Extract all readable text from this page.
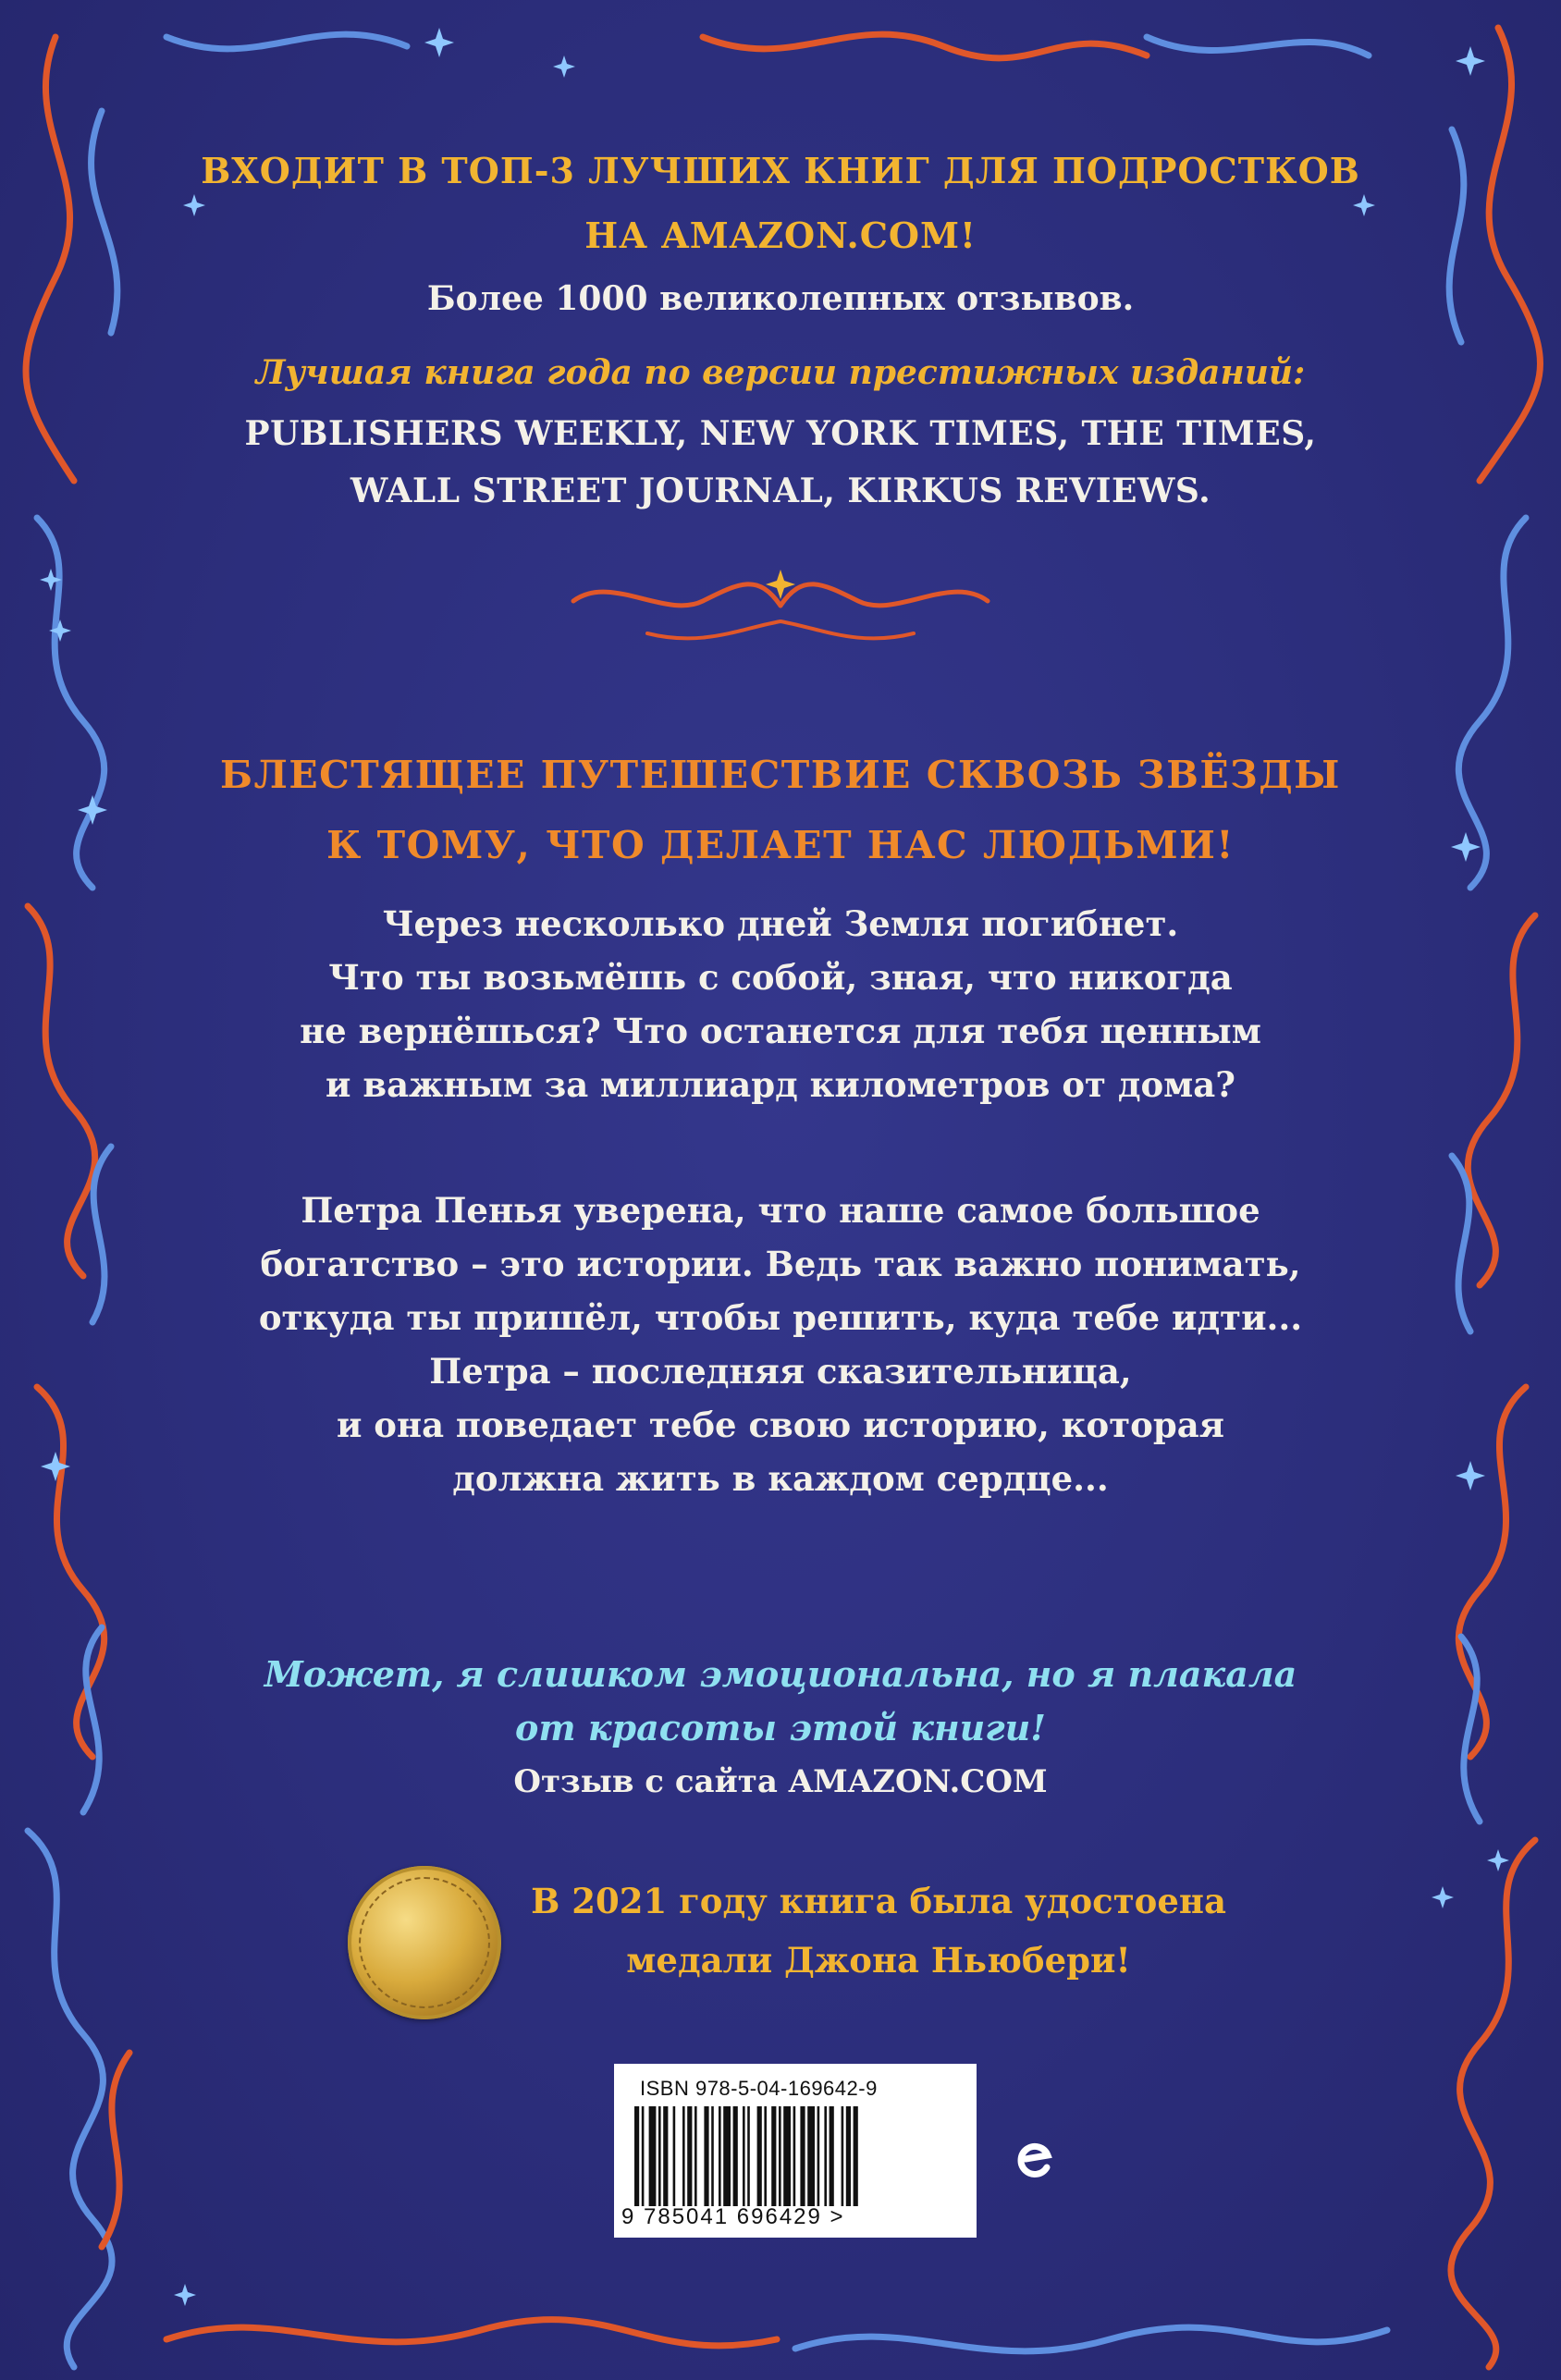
ВХОДИТ В ТОП-3 ЛУЧШИХ КНИГ ДЛЯ ПОДРОСТКОВ
НА AMAZON.COM!
Более 1000 великолепных отзывов.
Лучшая книга года по версии престижных изданий:
PUBLISHERS WEEKLY, NEW YORK TIMES, THE TIMES,
WALL STREET JOURNAL, KIRKUS REVIEWS.
БЛЕСТЯЩЕЕ ПУТЕШЕСТВИЕ СКВОЗЬ ЗВЁЗДЫ
К ТОМУ, ЧТО ДЕЛАЕТ НАС ЛЮДЬМИ!
Через несколько дней Земля погибнет.
Что ты возьмёшь с собой, зная, что никогда
не вернёшься? Что останется для тебя ценным
и важным за миллиард километров от дома?
Петра Пенья уверена, что наше самое большое
богатство – это истории. Ведь так важно понимать,
откуда ты пришёл, чтобы решить, куда тебе идти...
Петра – последняя сказительница,
и она поведает тебе свою историю, которая
должна жить в каждом сердце...
Может, я слишком эмоциональна, но я плакала
от красоты этой книги!
Отзыв с сайта AMAZON.COM
В 2021 году книга была удостоена
медали Джона Ньюбери!
ISBN 978-5-04-169642-9
9 785041 696429 >
